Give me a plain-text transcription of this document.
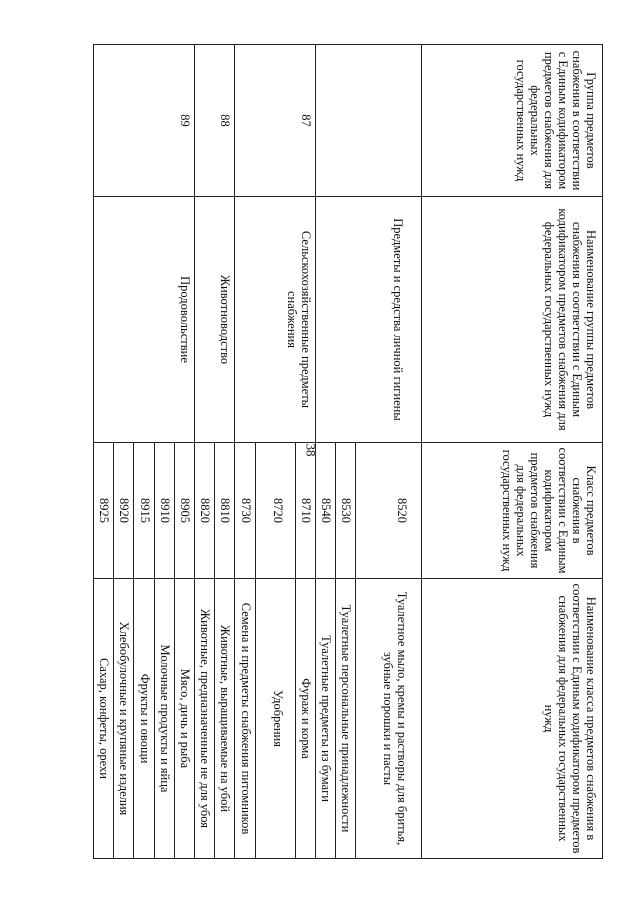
38
Группа предметов снабжения в соответствии с Единым кодификатором предметов снабжения для федеральных государственных нужд	Наименование группы предметов снабжения в соответствии с Единым кодификатором предметов снабжения для федеральных государственных нужд	Класс предметов снабжения в соответствии с Единым кодификатором предметов снабжения для федеральных государственных нужд	Наименование класса предметов снабжения в соответствии с Единым кодификатором предметов снабжения для федеральных государственных нужд
	Предметы и средства личной гигиены	8520	Туалетное мыло, кремы и растворы для бритья, зубные порошки и пасты
		8530	Туалетные персональные принадлежности
		8540	Туалетные предметы из бумаги
87	Сельскохозяйственные предметы снабжения	8710	Фураж и корма
		8720	Удобрения
		8730	Семена и предметы снабжения питомников
88	Животноводство	8810	Животные, выращиваемые на убой
		8820	Животные, предназначенные не для убоя
89	Продовольствие	8905	Мясо, дичь и рыба
		8910	Молочные продукты и яйца
		8915	Фрукты и овощи
		8920	Хлебобулочные и крупяные изделия
		8925	Сахар, конфеты, орехи
